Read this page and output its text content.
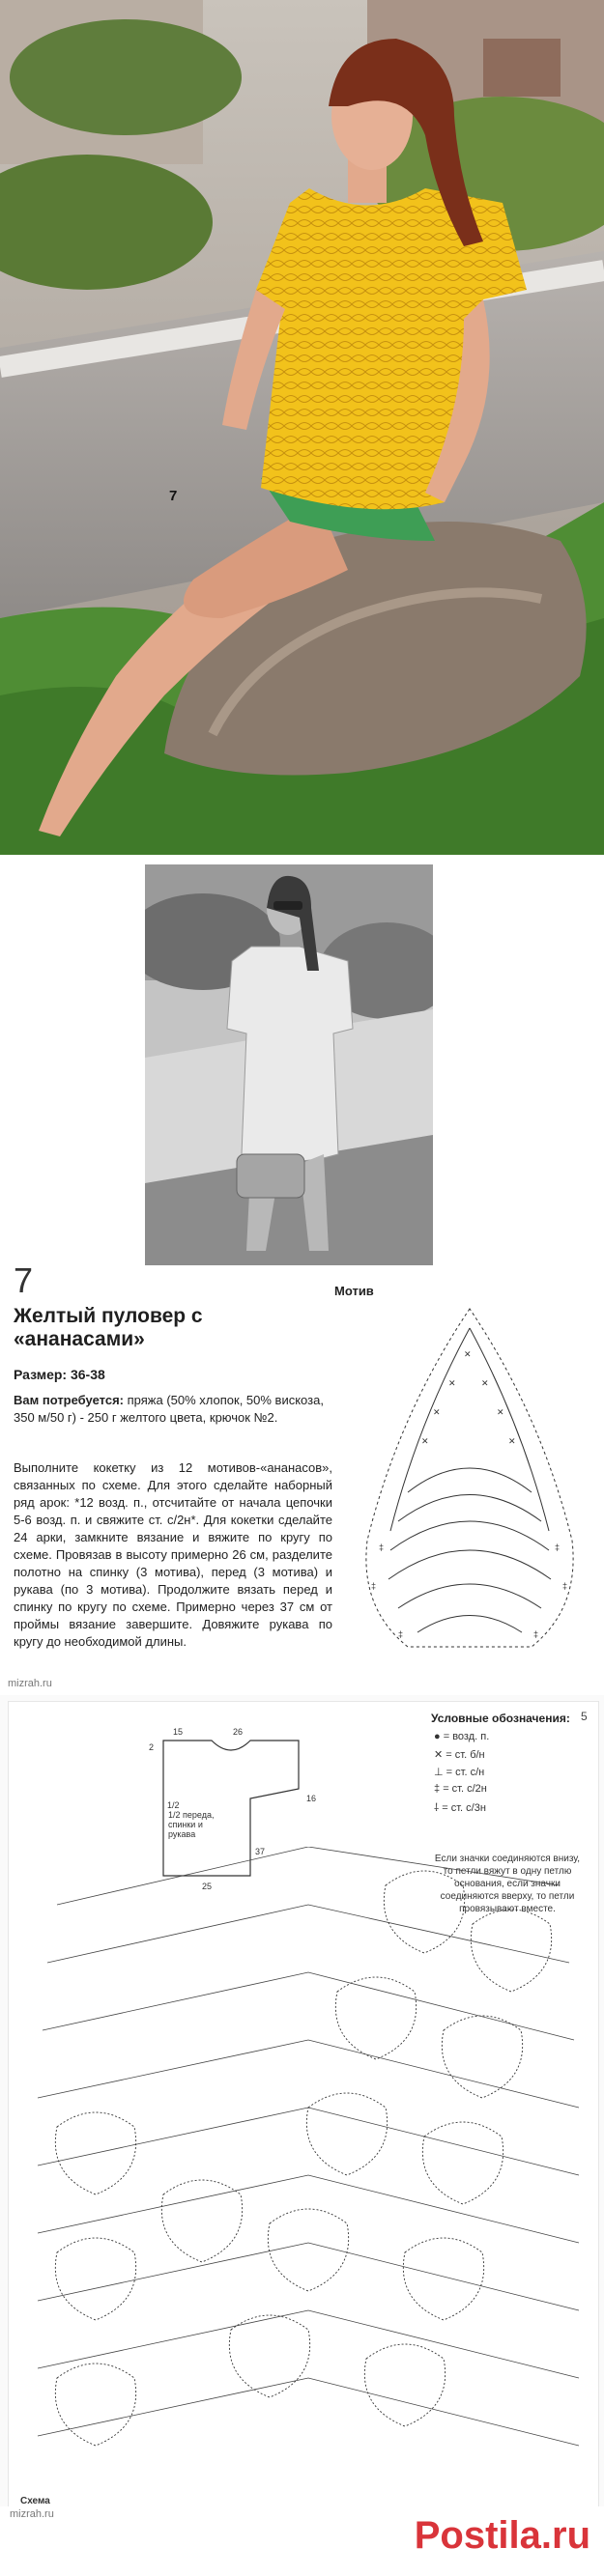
7
7	Мотив
Желтый пуловер с «ананасами»
Размер: 36-38
Вам потребуется: пряжа (50% хлопок, 50% вискоза, 350 м/50 г) - 250 г желтого цвета, крючок №2.
Выполните кокетку из 12 мотивов-«ананасов», связанных по схеме. Для этого сделайте наборный ряд арок: *12 возд. п., отсчитайте от начала цепочки 5-6 возд. п. и свяжите ст. с/2н*. Для кокетки сделайте 24 арки, замкните вязание и вяжите по кругу по схеме. Провязав в высоту примерно 26 см, разделите полотно на спинку (3 мотива), перед (3 мотива) и рукава (по 3 мотива). Продолжите вязать перед и спинку по кругу по схеме. Примерно через 37 см от проймы вязание завершите. Довяжите рукава по кругу до необходимой длины.
✕
✕	✕
✕	✕
✕	✕
‡	‡
‡	‡
‡	‡
mizrah.ru
1/2
15	26
16
37
25
2
1/2 переда, спинки и рукава
Условные обозначения:
● = возд. п.
✕ = ст. б/н
⊥ = ст. с/н
‡ = ст. с/2н
⸸ = ст. с/3н
Если значки соединяются внизу, то петли вяжут в одну петлю основания, если значки соединяются вверху, то петли провязывают вместе.
5
Схема
mizrah.ru	Postila.ru
